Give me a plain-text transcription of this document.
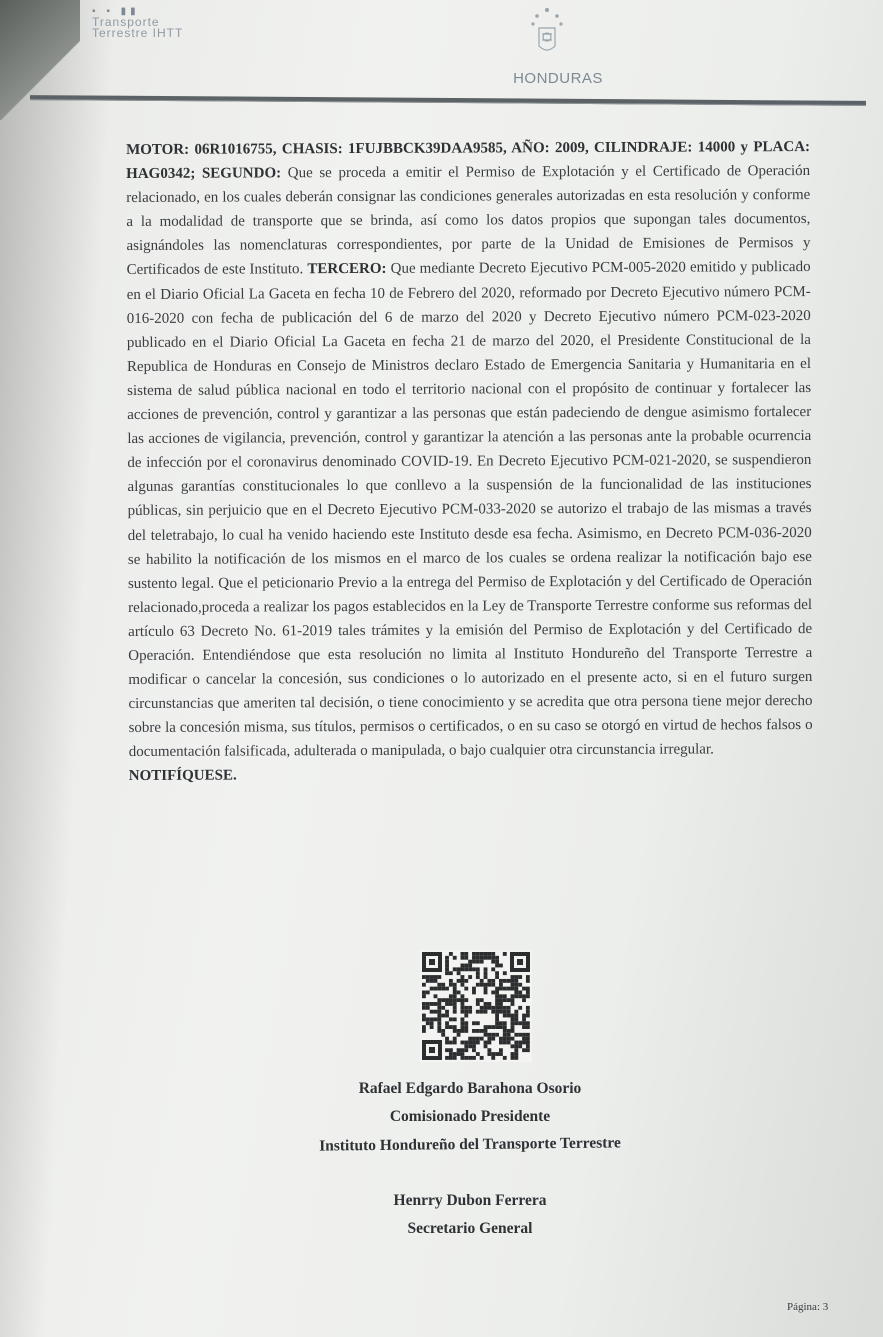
▪ ▪ ▮▮
Transporte
Terrestre IHTT
HONDURAS
MOTOR: 06R1016755, CHASIS: 1FUJBBCK39DAA9585, AÑO: 2009, CILINDRAJE: 14000 y PLACA: HAG0342; SEGUNDO: Que se proceda a emitir el Permiso de Explotación y el Certificado de Operación relacionado, en los cuales deberán consignar las condiciones generales autorizadas en esta resolución y conforme a la modalidad de transporte que se brinda, así como los datos propios que supongan tales documentos, asignándoles las nomenclaturas correspondientes, por parte de la Unidad de Emisiones de Permisos y Certificados de este Instituto. TERCERO: Que mediante Decreto Ejecutivo PCM-005-2020 emitido y publicado en el Diario Oficial La Gaceta en fecha 10 de Febrero del 2020, reformado por Decreto Ejecutivo número PCM-016-2020 con fecha de publicación del 6 de marzo del 2020 y Decreto Ejecutivo número PCM-023-2020 publicado en el Diario Oficial La Gaceta en fecha 21 de marzo del 2020, el Presidente Constitucional de la Republica de Honduras en Consejo de Ministros declaro Estado de Emergencia Sanitaria y Humanitaria en el sistema de salud pública nacional en todo el territorio nacional con el propósito de continuar y fortalecer las acciones de prevención, control y garantizar a las personas que están padeciendo de dengue asimismo fortalecer las acciones de vigilancia, prevención, control y garantizar la atención a las personas ante la probable ocurrencia de infección por el coronavirus denominado COVID-19. En Decreto Ejecutivo PCM-021-2020, se suspendieron algunas garantías constitucionales lo que conllevo a la suspensión de la funcionalidad de las instituciones públicas, sin perjuicio que en el Decreto Ejecutivo PCM-033-2020 se autorizo el trabajo de las mismas a través del teletrabajo, lo cual ha venido haciendo este Instituto desde esa fecha. Asimismo, en Decreto PCM-036-2020 se habilito la notificación de los mismos en el marco de los cuales se ordena realizar la notificación bajo ese sustento legal. Que el peticionario Previo a la entrega del Permiso de Explotación y del Certificado de Operación relacionado,proceda a realizar los pagos establecidos en la Ley de Transporte Terrestre conforme sus reformas del artículo 63 Decreto No. 61-2019 tales trámites y la emisión del Permiso de Explotación y del Certificado de Operación. Entendiéndose que esta resolución no limita al Instituto Hondureño del Transporte Terrestre a modificar o cancelar la concesión, sus condiciones o lo autorizado en el presente acto, si en el futuro surgen circunstancias que ameriten tal decisión, o tiene conocimiento y se acredita que otra persona tiene mejor derecho sobre la concesión misma, sus títulos, permisos o certificados, o en su caso se otorgó en virtud de hechos falsos o documentación falsificada, adulterada o manipulada, o bajo cualquier otra circunstancia irregular.
NOTIFÍQUESE.
Rafael Edgardo Barahona Osorio
Comisionado Presidente
Instituto Hondureño del Transporte Terrestre
Henrry Dubon Ferrera
Secretario General
Página: 3
